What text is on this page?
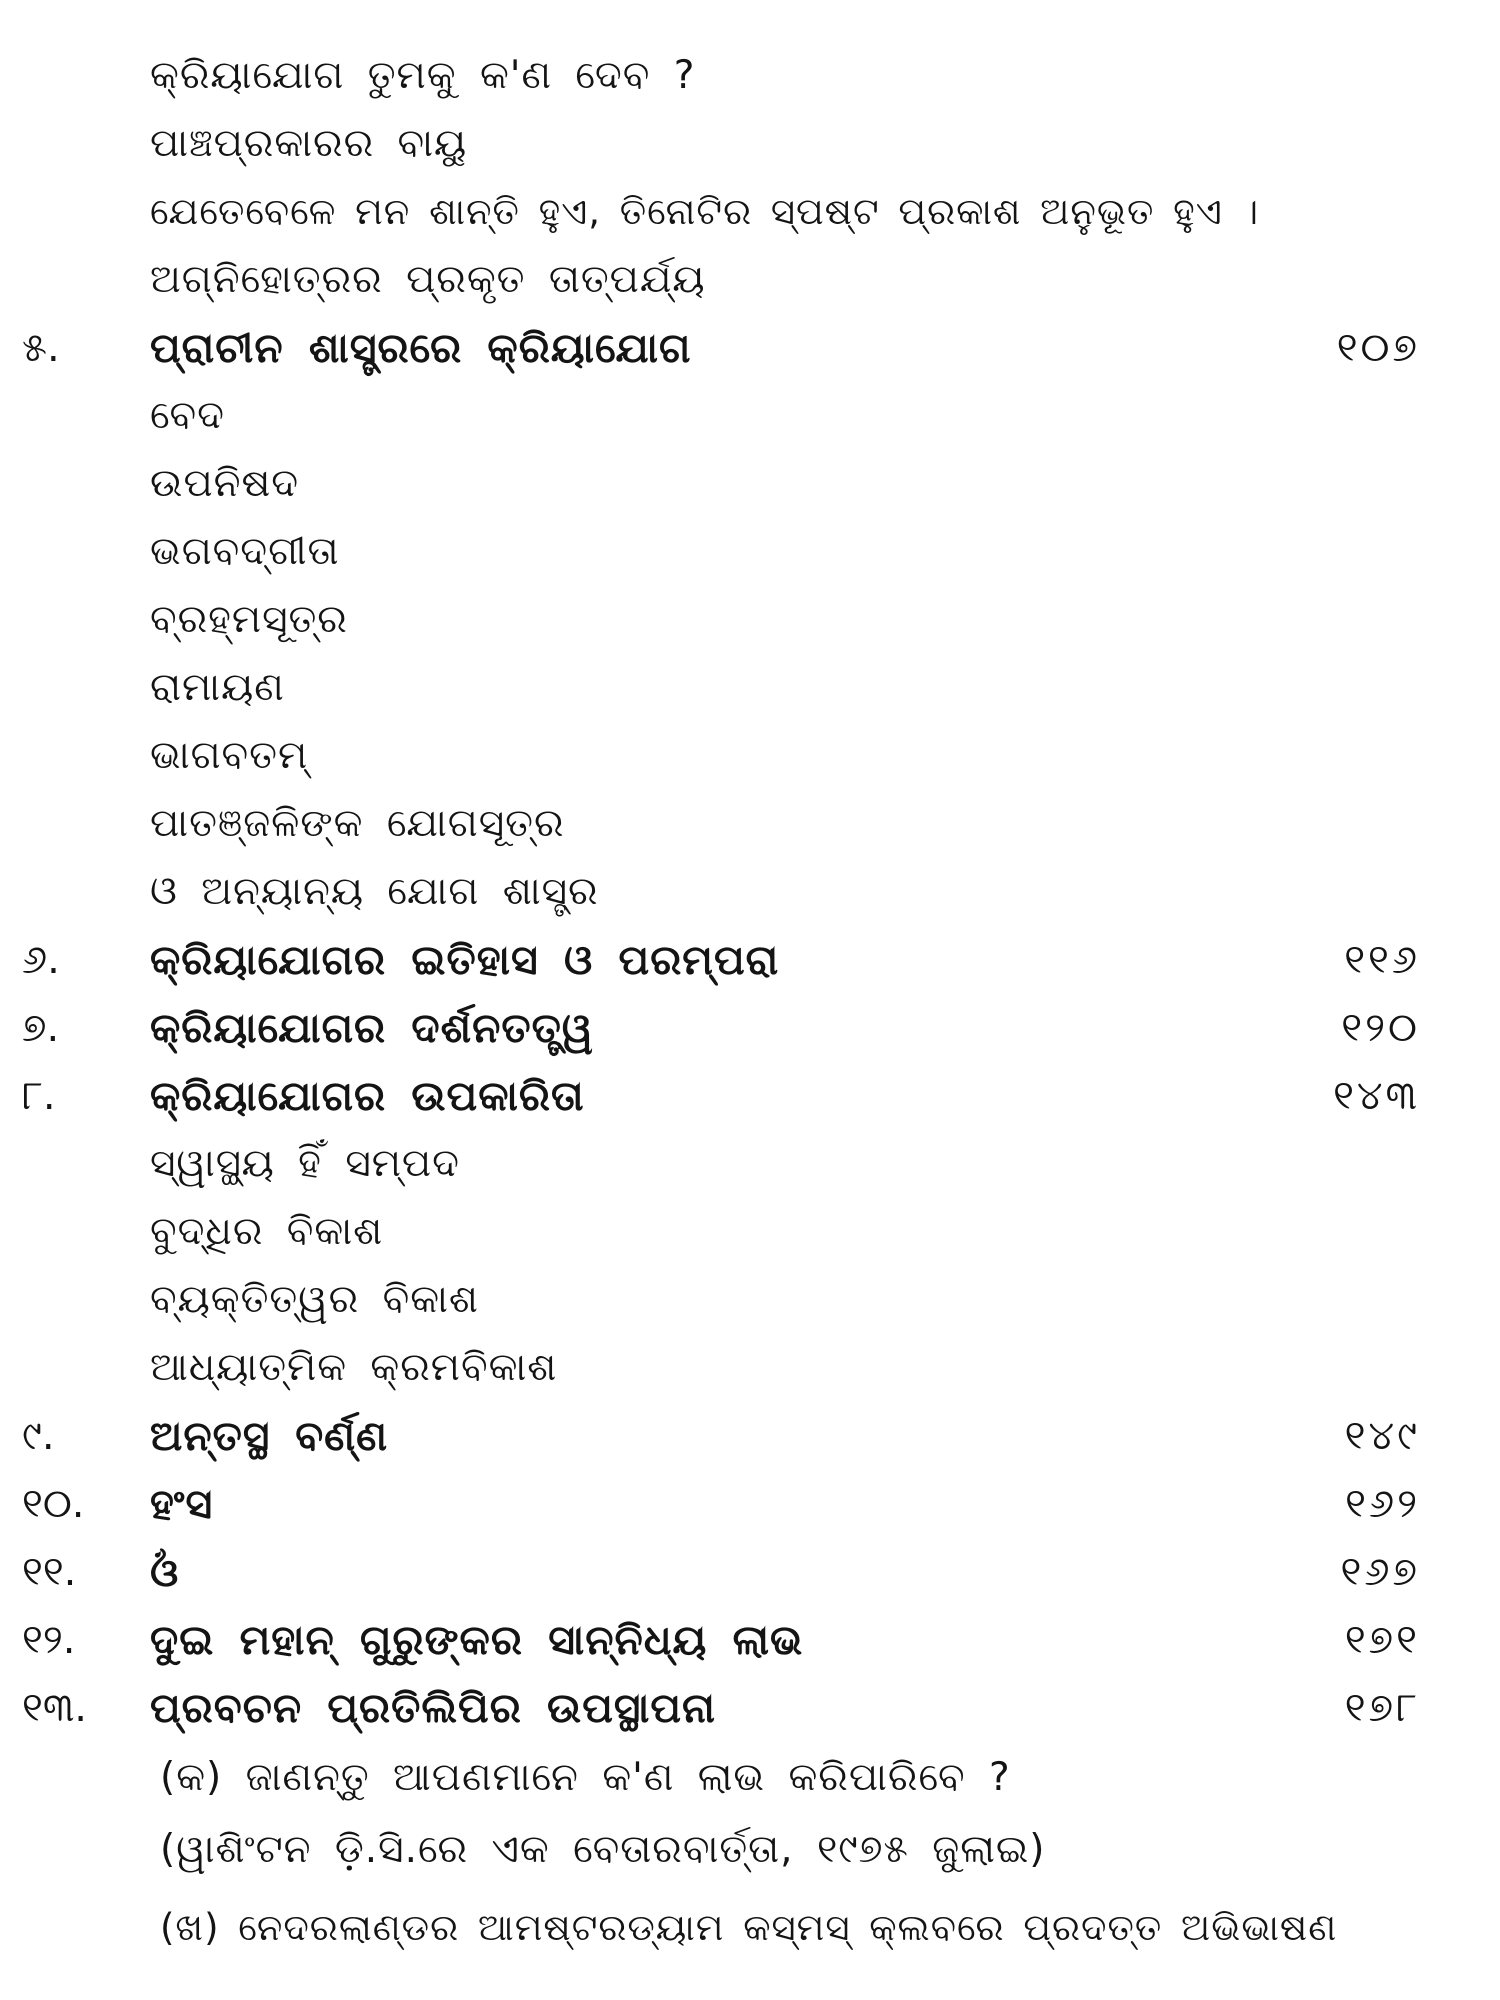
କ୍ରିୟାଯୋଗ ତୁମକୁ କ'ଣ ଦେବ ?
ପାଞ୍ଚପ୍ରକାରର ବାୟୁ
ଯେତେବେଳେ ମନ ଶାନ୍ତି ହୁଏ, ତିନୋଟିର ସ୍ପଷ୍ଟ ପ୍ରକାଶ ଅନୁଭୂତ ହୁଏ ।
ଅଗ୍ନିହୋତ୍ରର ପ୍ରକୃତ ତାତ୍ପର୍ଯ୍ୟ
୫.	ପ୍ରାଚୀନ ଶାସ୍ତ୍ରରେ କ୍ରିୟାଯୋଗ	୧୦୭
ବେଦ
ଉପନିଷଦ
ଭଗବଦ୍‌ଗୀତା
ବ୍ରହ୍ମସୂତ୍ର
ରାମାୟଣ
ଭାଗବତମ୍
ପାତଞ୍ଜଳିଙ୍କ ଯୋଗସୂତ୍ର
ଓ ଅନ୍ୟାନ୍ୟ ଯୋଗ ଶାସ୍ତ୍ର
୬.	କ୍ରିୟାଯୋଗର ଇତିହାସ ଓ ପରମ୍ପରା	୧୧୬
୭.	କ୍ରିୟାଯୋଗର ଦର୍ଶନତତ୍ତ୍ୱ	୧୨୦
୮.	କ୍ରିୟାଯୋଗର ଉପକାରିତା	୧୪୩
ସ୍ୱାସ୍ଥ୍ୟ ହିଁ ସମ୍ପଦ
ବୁଦ୍ଧିର ବିକାଶ
ବ୍ୟକ୍ତିତ୍ୱର ବିକାଶ
ଆଧ୍ୟାତ୍ମିକ କ୍ରମବିକାଶ
୯.	ଅନ୍ତସ୍ଥ ବର୍ଣ୍ଣ	୧୪୯
୧୦.	ହଂସ	୧୬୨
୧୧.	ଓଁ	୧୬୭
୧୨.	ଦୁଇ ମହାନ୍ ଗୁରୁଙ୍କର ସାନ୍ନିଧ୍ୟ ଲାଭ	୧୭୧
୧୩.	ପ୍ରବଚନ ପ୍ରତିଲିପିର ଉପସ୍ଥାପନା	୧୭୮
(କ) ଜାଣନ୍ତୁ ଆପଣମାନେ କ'ଣ ଲାଭ କରିପାରିବେ ?
(ୱାଶିଂଟନ ଡ଼ି.ସି.ରେ ଏକ ବେତାରବାର୍ତ୍ତା, ୧୯୭୫ ଜୁଲାଇ)
(ଖ) ନେଦରଲାଣ୍ଡର ଆମଷ୍ଟରଡ୍ୟାମ କସ୍‌ମସ୍ କ୍ଲବରେ ପ୍ରଦତ୍ତ ଅଭିଭାଷଣ
